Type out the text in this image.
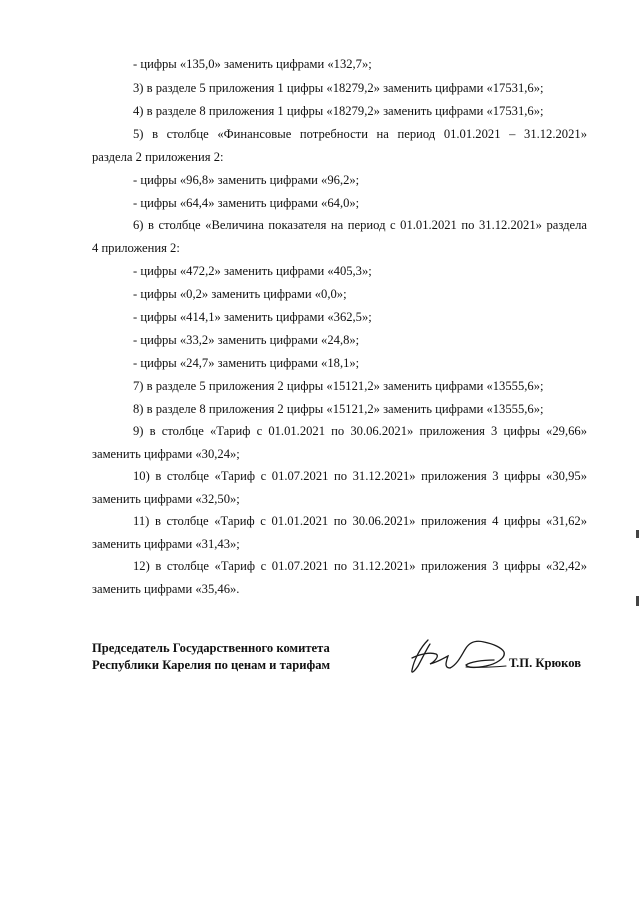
- цифры «135,0» заменить цифрами «132,7»;
3) в разделе 5 приложения 1 цифры «18279,2» заменить цифрами «17531,6»;
4) в разделе 8 приложения 1 цифры «18279,2» заменить цифрами «17531,6»;
5) в столбце «Финансовые потребности на период 01.01.2021 – 31.12.2021»
раздела 2 приложения 2:
- цифры «96,8» заменить цифрами «96,2»;
- цифры «64,4» заменить цифрами «64,0»;
6) в столбце «Величина показателя на период с 01.01.2021 по 31.12.2021» раздела
4 приложения 2:
- цифры «472,2» заменить цифрами «405,3»;
- цифры «0,2» заменить цифрами «0,0»;
- цифры «414,1» заменить цифрами «362,5»;
- цифры «33,2» заменить цифрами «24,8»;
- цифры «24,7» заменить цифрами «18,1»;
7) в разделе 5 приложения 2 цифры «15121,2» заменить цифрами «13555,6»;
8) в разделе 8 приложения 2 цифры «15121,2» заменить цифрами «13555,6»;
9) в столбце «Тариф с 01.01.2021 по 30.06.2021» приложения 3 цифры «29,66»
заменить цифрами «30,24»;
10) в столбце «Тариф с 01.07.2021 по 31.12.2021» приложения 3 цифры «30,95»
заменить цифрами «32,50»;
11) в столбце «Тариф с 01.01.2021 по 30.06.2021» приложения 4 цифры «31,62»
заменить цифрами «31,43»;
12) в столбце «Тариф с 01.07.2021 по 31.12.2021» приложения 3 цифры «32,42»
заменить цифрами «35,46».
Председатель Государственного комитета
Республики Карелия по ценам и тарифам	Т.П. Крюков
